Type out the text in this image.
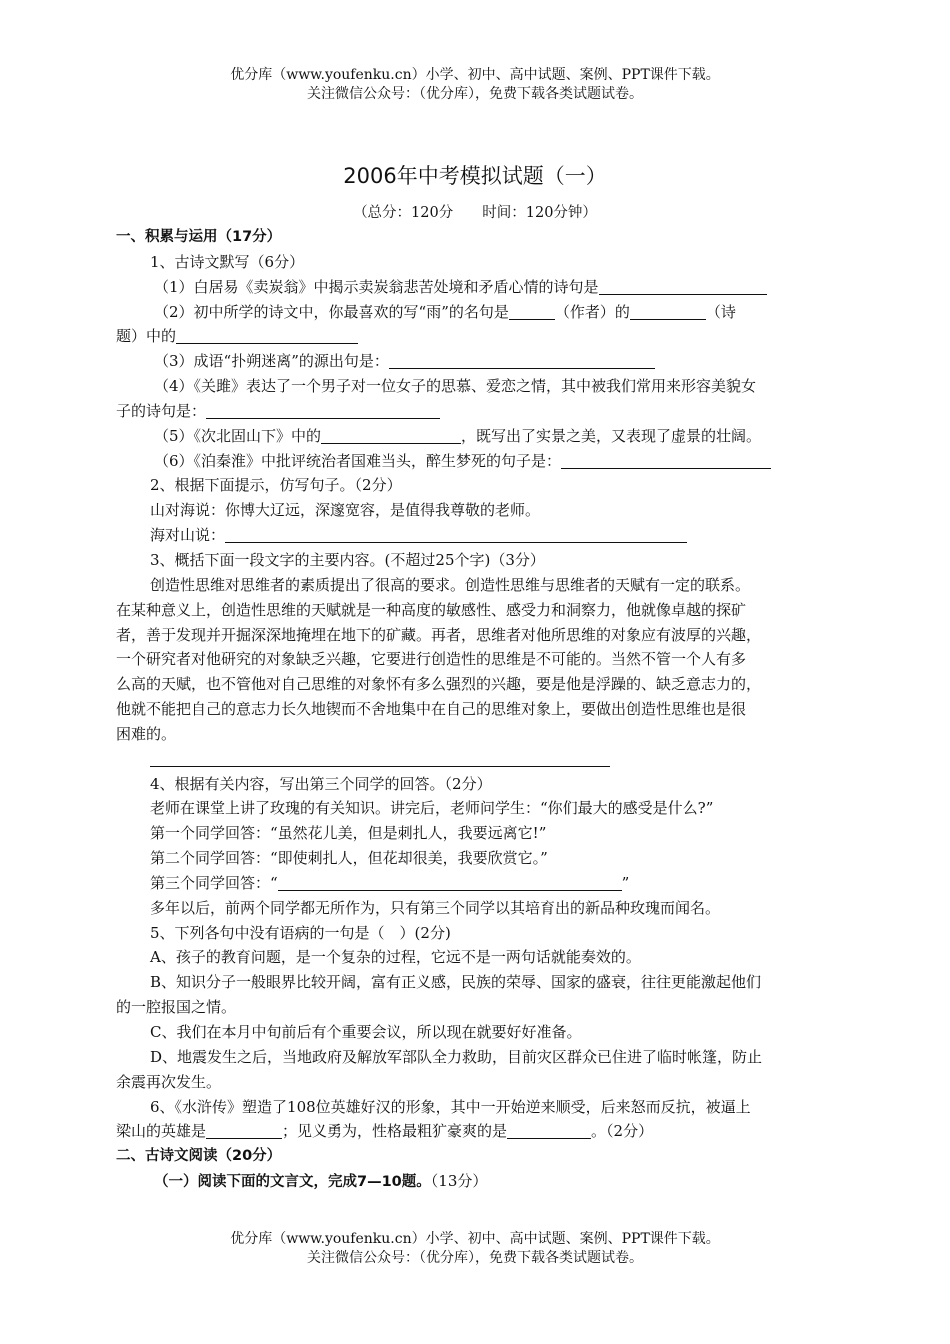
优分库（www.youfenku.cn）小学、初中、高中试题、案例、PPT课件下载。
关注微信公众号：（优分库），免费下载各类试题试卷。
2006年中考模拟试题（一）
（总分：120分　　时间：120分钟）
一、积累与运用（17分）
1、古诗文默写（6分）
（1）白居易《卖炭翁》中揭示卖炭翁悲苦处境和矛盾心情的诗句是
（2）初中所学的诗文中，你最喜欢的写“雨”的名句是	（作者）的	（诗
题）中的
（3）成语“扑朔迷离”的源出句是：
（4）《关雎》表达了一个男子对一位女子的思慕、爱恋之情，其中被我们常用来形容美貌女
子的诗句是：
（5）《次北固山下》中的	，既写出了实景之美，又表现了虚景的壮阔。
（6）《泊秦淮》中批评统治者国难当头，醉生梦死的句子是：
2、根据下面提示，仿写句子。（2分）
山对海说：你博大辽远，深邃宽容，是值得我尊敬的老师。
海对山说：
3、概括下面一段文字的主要内容。(不超过25个字)（3分）
创造性思维对思维者的素质提出了很高的要求。创造性思维与思维者的天赋有一定的联系。
在某种意义上，创造性思维的天赋就是一种高度的敏感性、感受力和洞察力，他就像卓越的探矿
者，善于发现并开掘深深地掩埋在地下的矿藏。再者，思维者对他所思维的对象应有波厚的兴趣，
一个研究者对他研究的对象缺乏兴趣，它要进行创造性的思维是不可能的。当然不管一个人有多
么高的天赋，也不管他对自己思维的对象怀有多么强烈的兴趣，要是他是浮躁的、缺乏意志力的，
他就不能把自己的意志力长久地锲而不舍地集中在自己的思维对象上，要做出创造性思维也是很
困难的。
4、根据有关内容，写出第三个同学的回答。（2分）
老师在课堂上讲了玫瑰的有关知识。讲完后，老师问学生：“你们最大的感受是什么?”
第一个同学回答：“虽然花儿美，但是刺扎人，我要远离它!”
第二个同学回答：“即使刺扎人，但花却很美，我要欣赏它。”
第三个同学回答：“	”
多年以后，前两个同学都无所作为，只有第三个同学以其培育出的新品种玫瑰而闻名。
5、下列各句中没有语病的一句是（　）(2分)
A、孩子的教育问题，是一个复杂的过程，它远不是一两句话就能奏效的。
B、知识分子一般眼界比较开阔，富有正义感，民族的荣辱、国家的盛衰，往往更能激起他们
的一腔报国之情。
C、我们在本月中旬前后有个重要会议，所以现在就要好好准备。
D、地震发生之后，当地政府及解放军部队全力救助，目前灾区群众已住进了临时帐篷，防止
余震再次发生。
6、《水浒传》塑造了108位英雄好汉的形象，其中一开始逆来顺受，后来怒而反抗，被逼上
梁山的英雄是	；见义勇为，性格最粗犷豪爽的是	。（2分）
二、古诗文阅读（20分）
（一）阅读下面的文言文，完成7—10题。（13分）
优分库（www.youfenku.cn）小学、初中、高中试题、案例、PPT课件下载。
关注微信公众号：（优分库），免费下载各类试题试卷。
